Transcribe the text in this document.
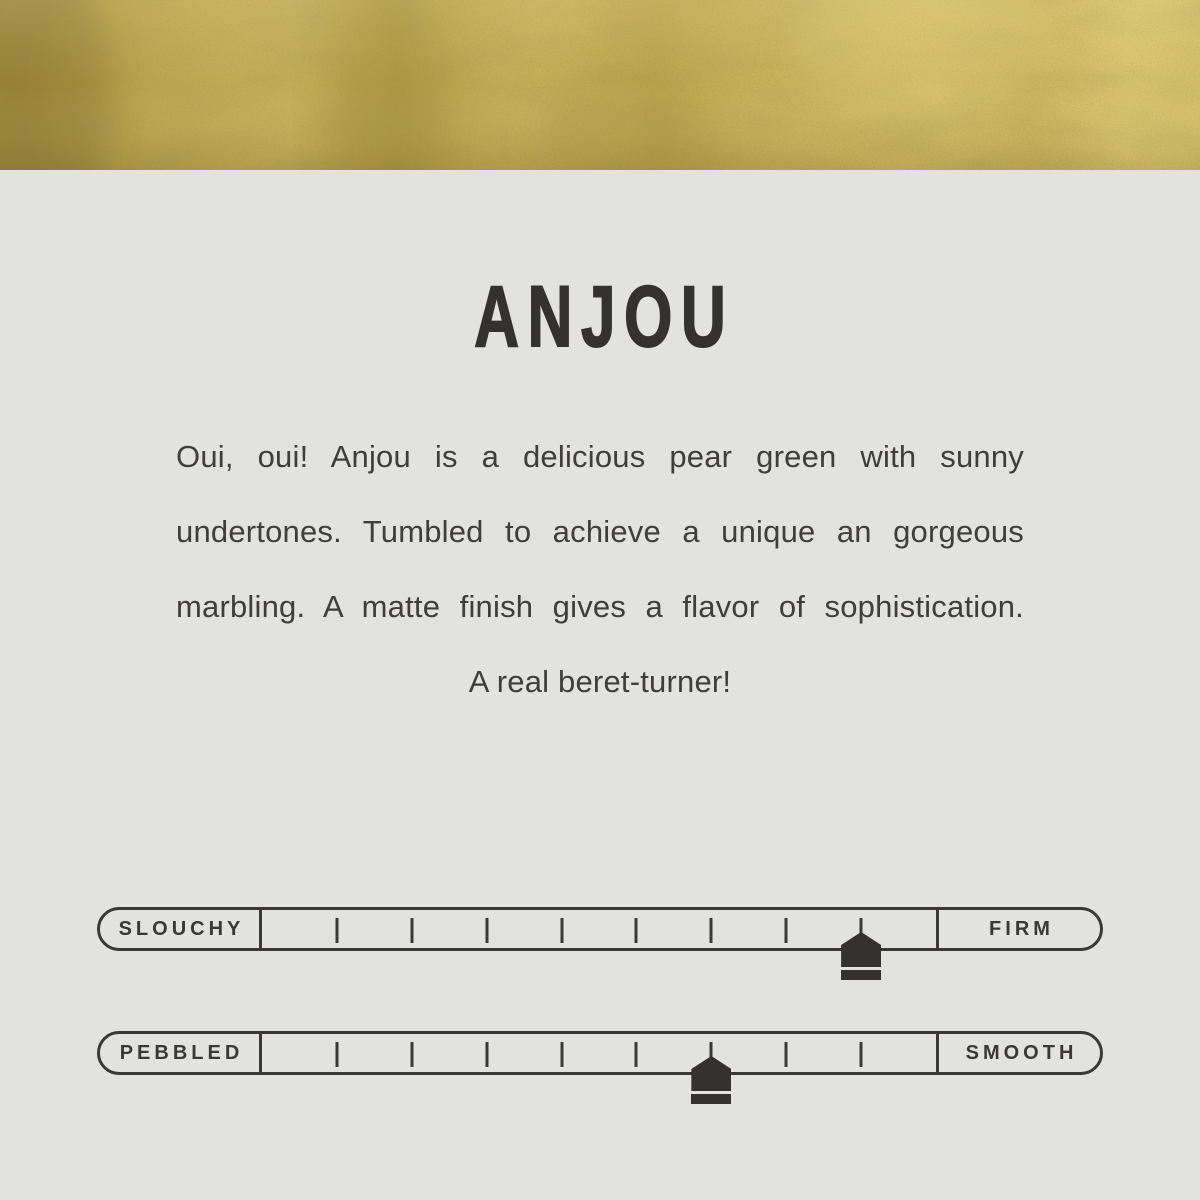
ANJOU

Oui, oui! Anjou is a delicious pear green with sunny

undertones. Tumbled to achieve a unique an gorgeous

marbling. A matte finish gives a flavor of sophistication.

A real beret-turner!

SLOUCHY	FIRM
PEBBLED	SMOOTH
